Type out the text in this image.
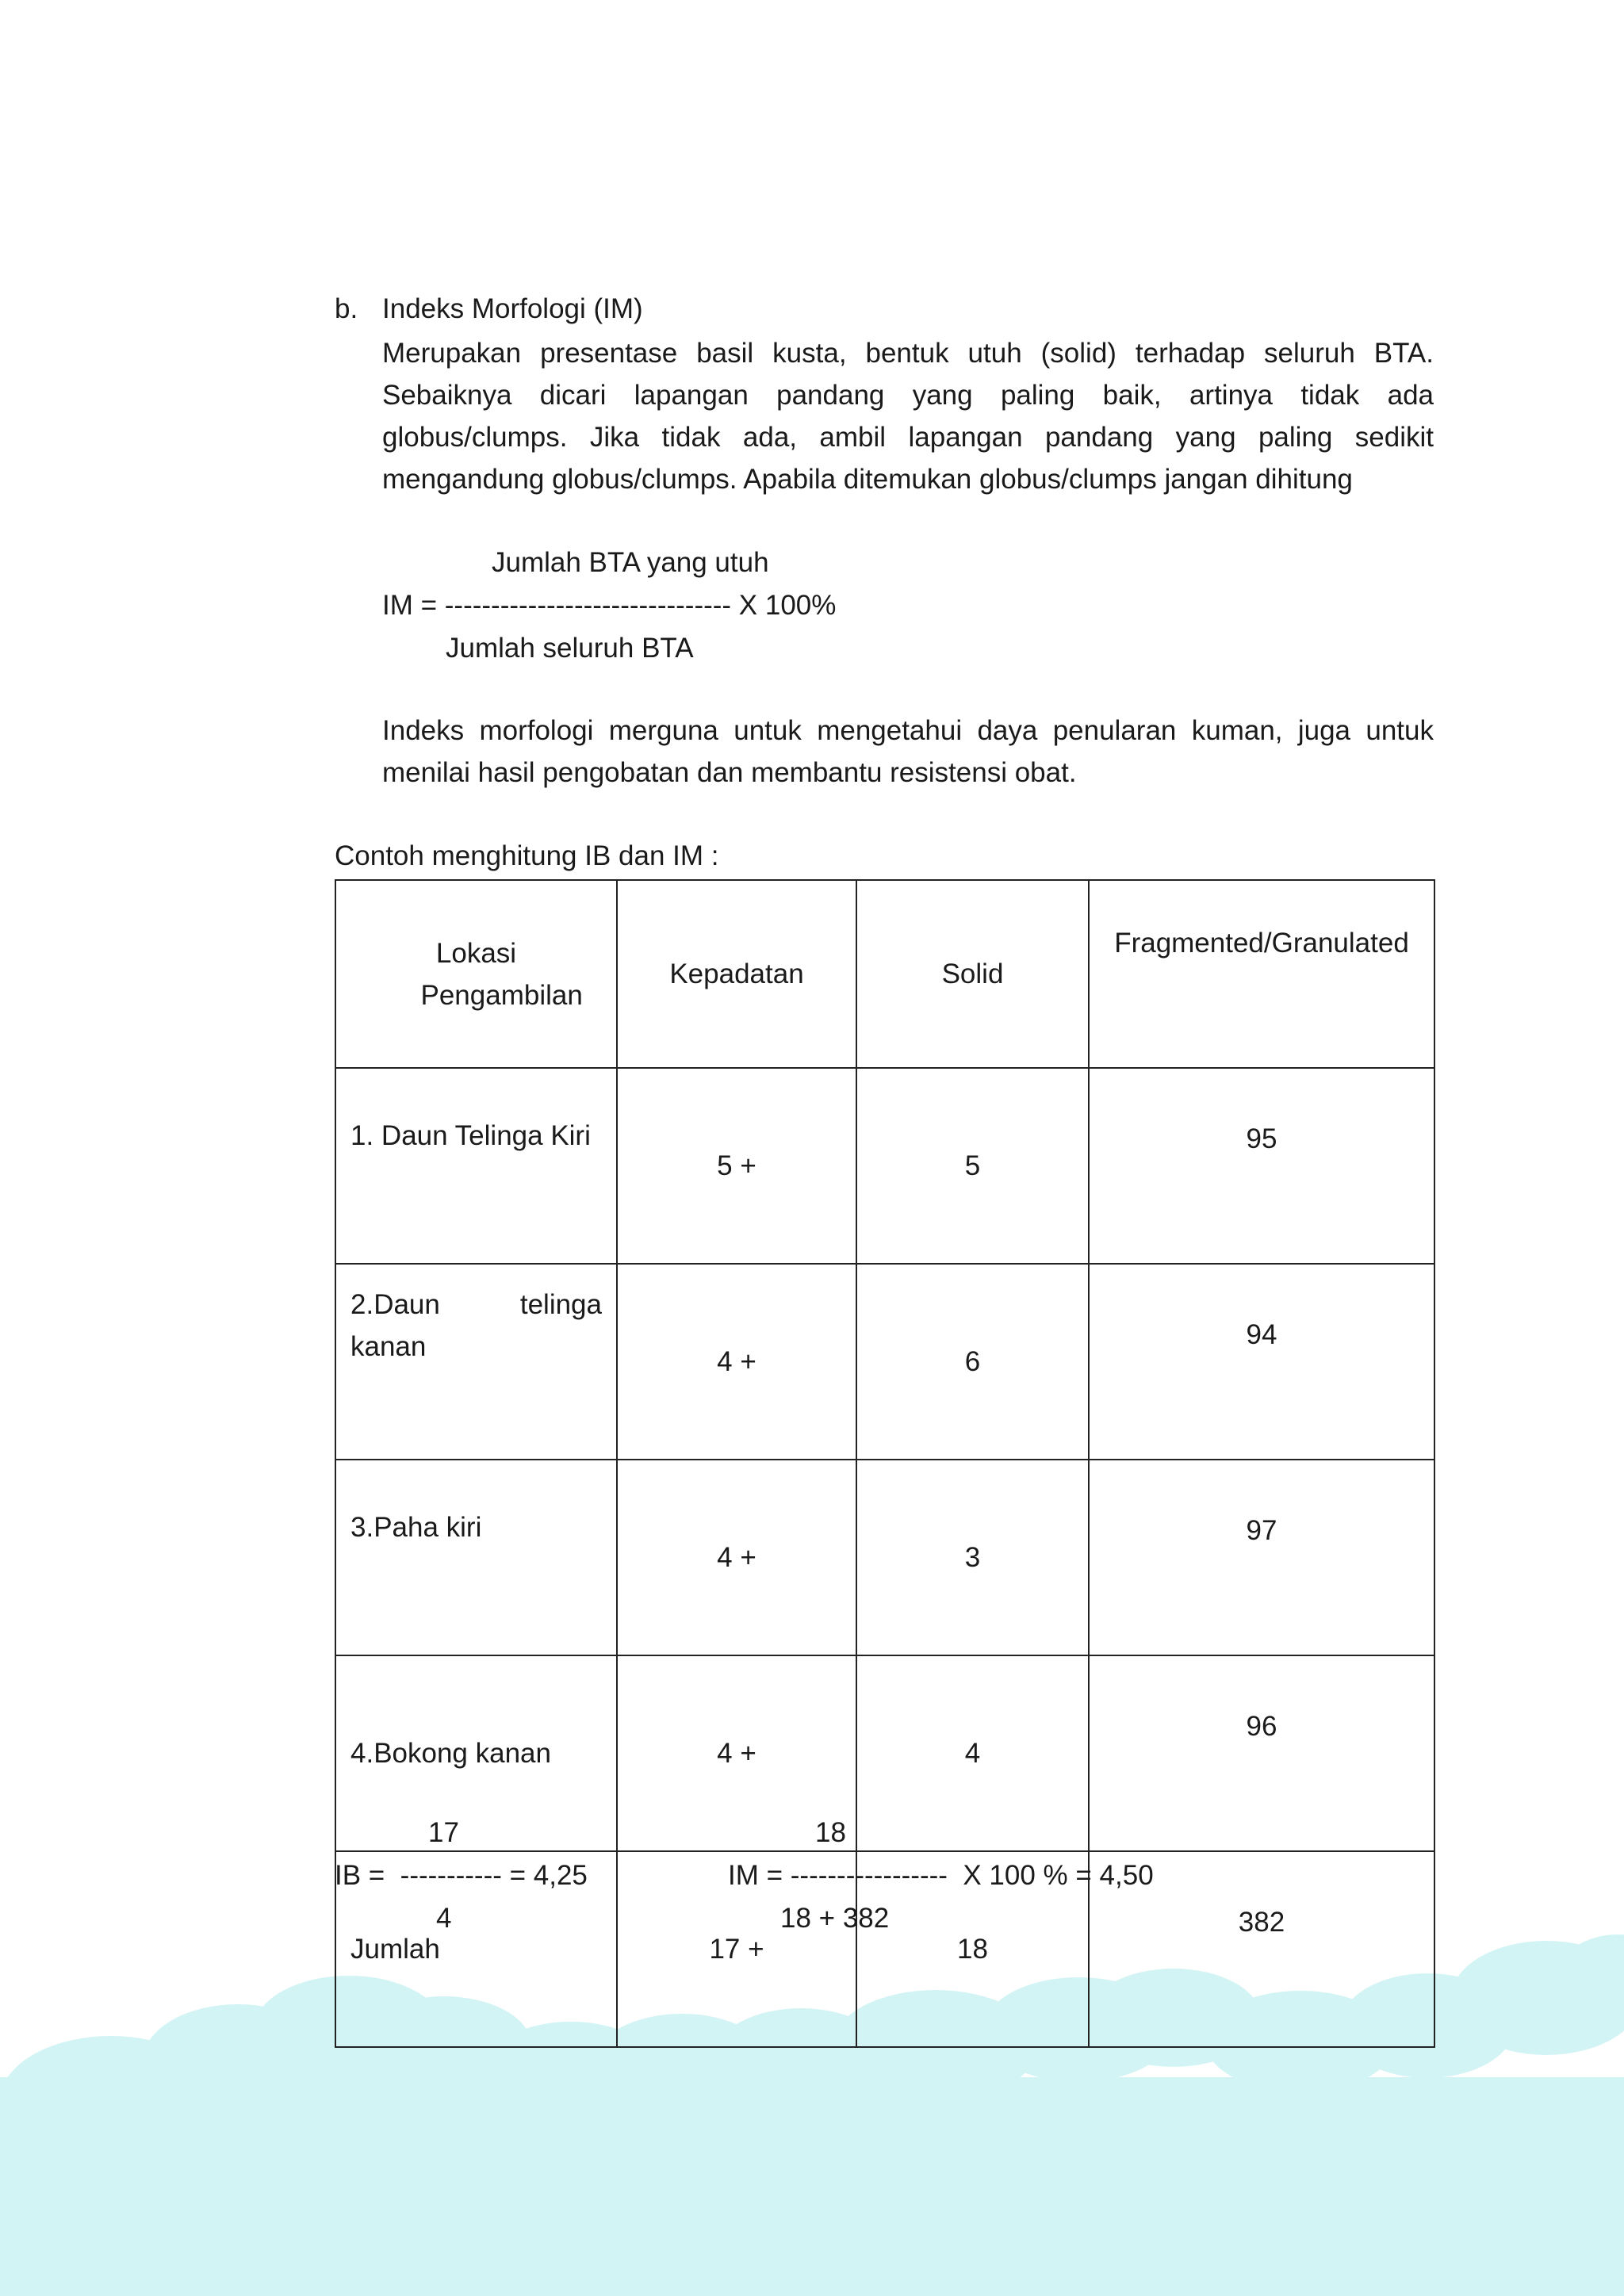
b. Indeks Morfologi (IM)
Merupakan presentase basil kusta, bentuk utuh (solid) terhadap seluruh BTA. Sebaiknya dicari lapangan pandang yang paling baik, artinya tidak ada globus/clumps. Jika tidak ada, ambil lapangan pandang yang paling sedikit mengandung globus/clumps. Apabila ditemukan globus/clumps jangan dihitung
Jumlah BTA yang utuh
IM = ------------------------------- X 100%
Jumlah seluruh BTA
Indeks morfologi merguna untuk mengetahui daya penularan kuman, juga untuk menilai hasil pengobatan dan membantu resistensi obat.
Contoh menghitung IB dan IM :
Lokasi Pengambilan	Kepadatan	Solid	Fragmented/Granulated
1. Daun Telinga Kiri	5 +	5	95
2.Daun telinga kanan	4 +	6	94
3.Paha kiri	4 +	3	97
4.Bokong kanan	4 +	4	96
Jumlah	17 +	18	382
17
IB =  ----------- = 4,25
4
18
IM = -----------------  X 100 % = 4,50
18 + 382
